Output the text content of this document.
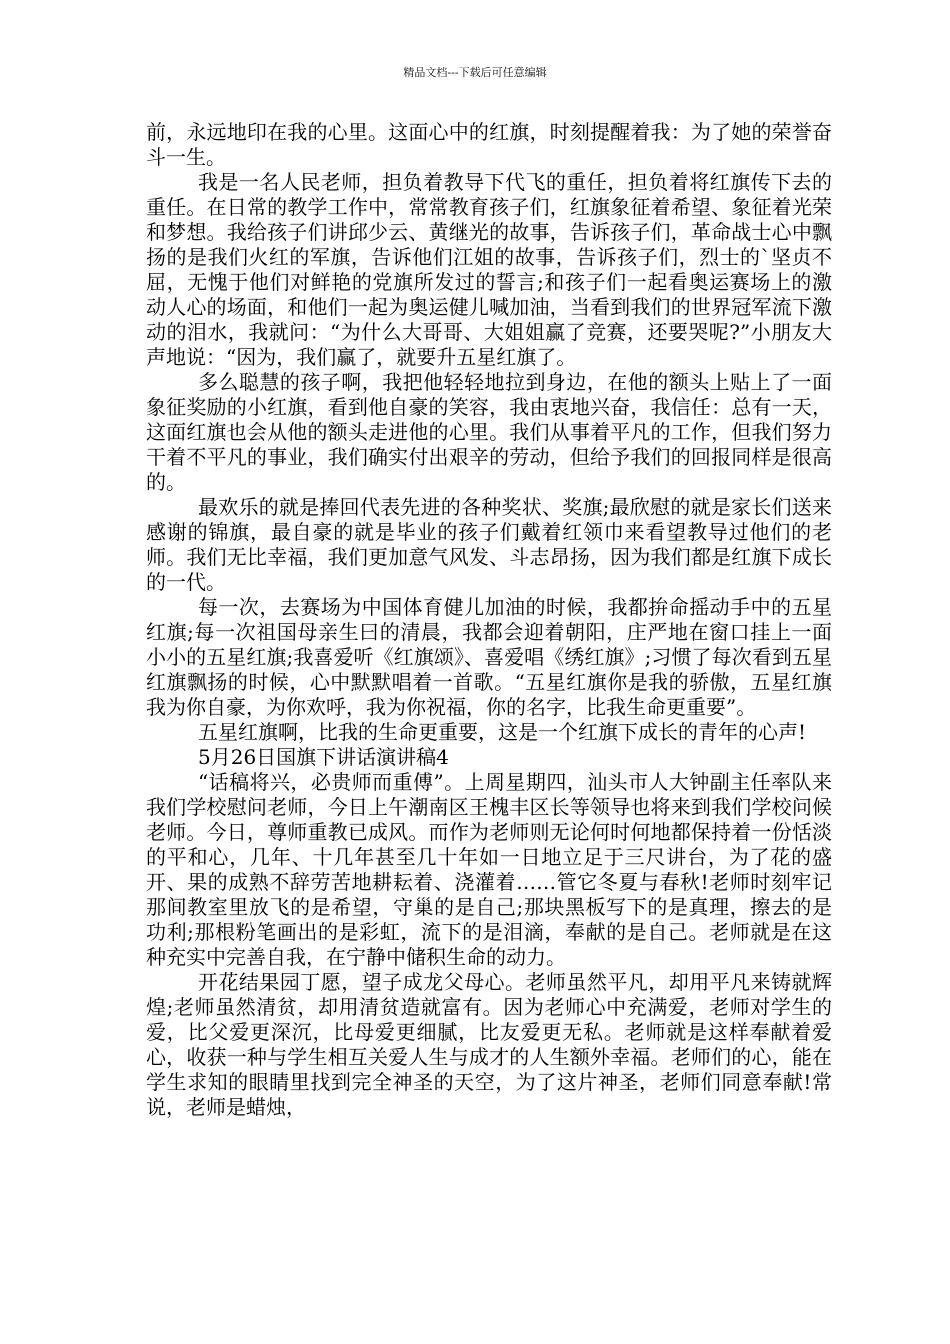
精品文档---下载后可任意编辑

前，永远地印在我的心里。这面心中的红旗，时刻提醒着我：为了她的荣誉奋斗一生。

我是一名人民老师，担负着教导下代飞的重任，担负着将红旗传下去的重任。在日常的教学工作中，常常教育孩子们，红旗象征着希望、象征着光荣和梦想。我给孩子们讲邱少云、黄继光的故事，告诉孩子们，革命战士心中飘扬的是我们火红的军旗，告诉他们江姐的故事，告诉孩子们，烈士的`坚贞不屈，无愧于他们对鲜艳的党旗所发过的誓言;和孩子们一起看奥运赛场上的激动人心的场面，和他们一起为奥运健儿喊加油，当看到我们的世界冠军流下激动的泪水，我就问：“为什么大哥哥、大姐姐赢了竞赛，还要哭呢?”小朋友大声地说：“因为，我们赢了，就要升五星红旗了。

多么聪慧的孩子啊，我把他轻轻地拉到身边，在他的额头上贴上了一面象征奖励的小红旗，看到他自豪的笑容，我由衷地兴奋，我信任：总有一天，这面红旗也会从他的额头走进他的心里。我们从事着平凡的工作，但我们努力干着不平凡的事业，我们确实付出艰辛的劳动，但给予我们的回报同样是很高的。

最欢乐的就是捧回代表先进的各种奖状、奖旗;最欣慰的就是家长们送来感谢的锦旗，最自豪的就是毕业的孩子们戴着红领巾来看望教导过他们的老师。我们无比幸福，我们更加意气风发、斗志昂扬，因为我们都是红旗下成长的一代。

每一次，去赛场为中国体育健儿加油的时候，我都拚命摇动手中的五星红旗;每一次祖国母亲生曰的清晨，我都会迎着朝阳，庄严地在窗口挂上一面小小的五星红旗;我喜爱听《红旗颂》、喜爱唱《绣红旗》;习惯了每次看到五星红旗飘扬的时候，心中默默唱着一首歌。“五星红旗你是我的骄傲，五星红旗我为你自豪，为你欢呼，我为你祝福，你的名字，比我生命更重要”。

五星红旗啊，比我的生命更重要，这是一个红旗下成长的青年的心声!

5月26日国旗下讲话演讲稿4

“话稿将兴，必贵师而重傅”。上周星期四，汕头市人大钟副主任率队来我们学校慰问老师，今日上午潮南区王槐丰区长等领导也将来到我们学校问候老师。今日，尊师重教已成风。而作为老师则无论何时何地都保持着一份恬淡的平和心，几年、十几年甚至几十年如一日地立足于三尺讲台，为了花的盛开、果的成熟不辞劳苦地耕耘着、浇灌着……管它冬夏与春秋!老师时刻牢记那间教室里放飞的是希望，守巢的是自己;那块黑板写下的是真理，擦去的是功利;那根粉笔画出的是彩虹，流下的是泪滴，奉献的是自己。老师就是在这种充实中完善自我，在宁静中储积生命的动力。

开花结果园丁愿，望子成龙父母心。老师虽然平凡，却用平凡来铸就辉煌;老师虽然清贫，却用清贫造就富有。因为老师心中充满爱，老师对学生的爱，比父爱更深沉，比母爱更细腻，比友爱更无私。老师就是这样奉献着爱心，收获一种与学生相互关爱人生与成才的人生额外幸福。老师们的心，能在学生求知的眼睛里找到完全神圣的天空，为了这片神圣，老师们同意奉献!常说，老师是蜡烛，
